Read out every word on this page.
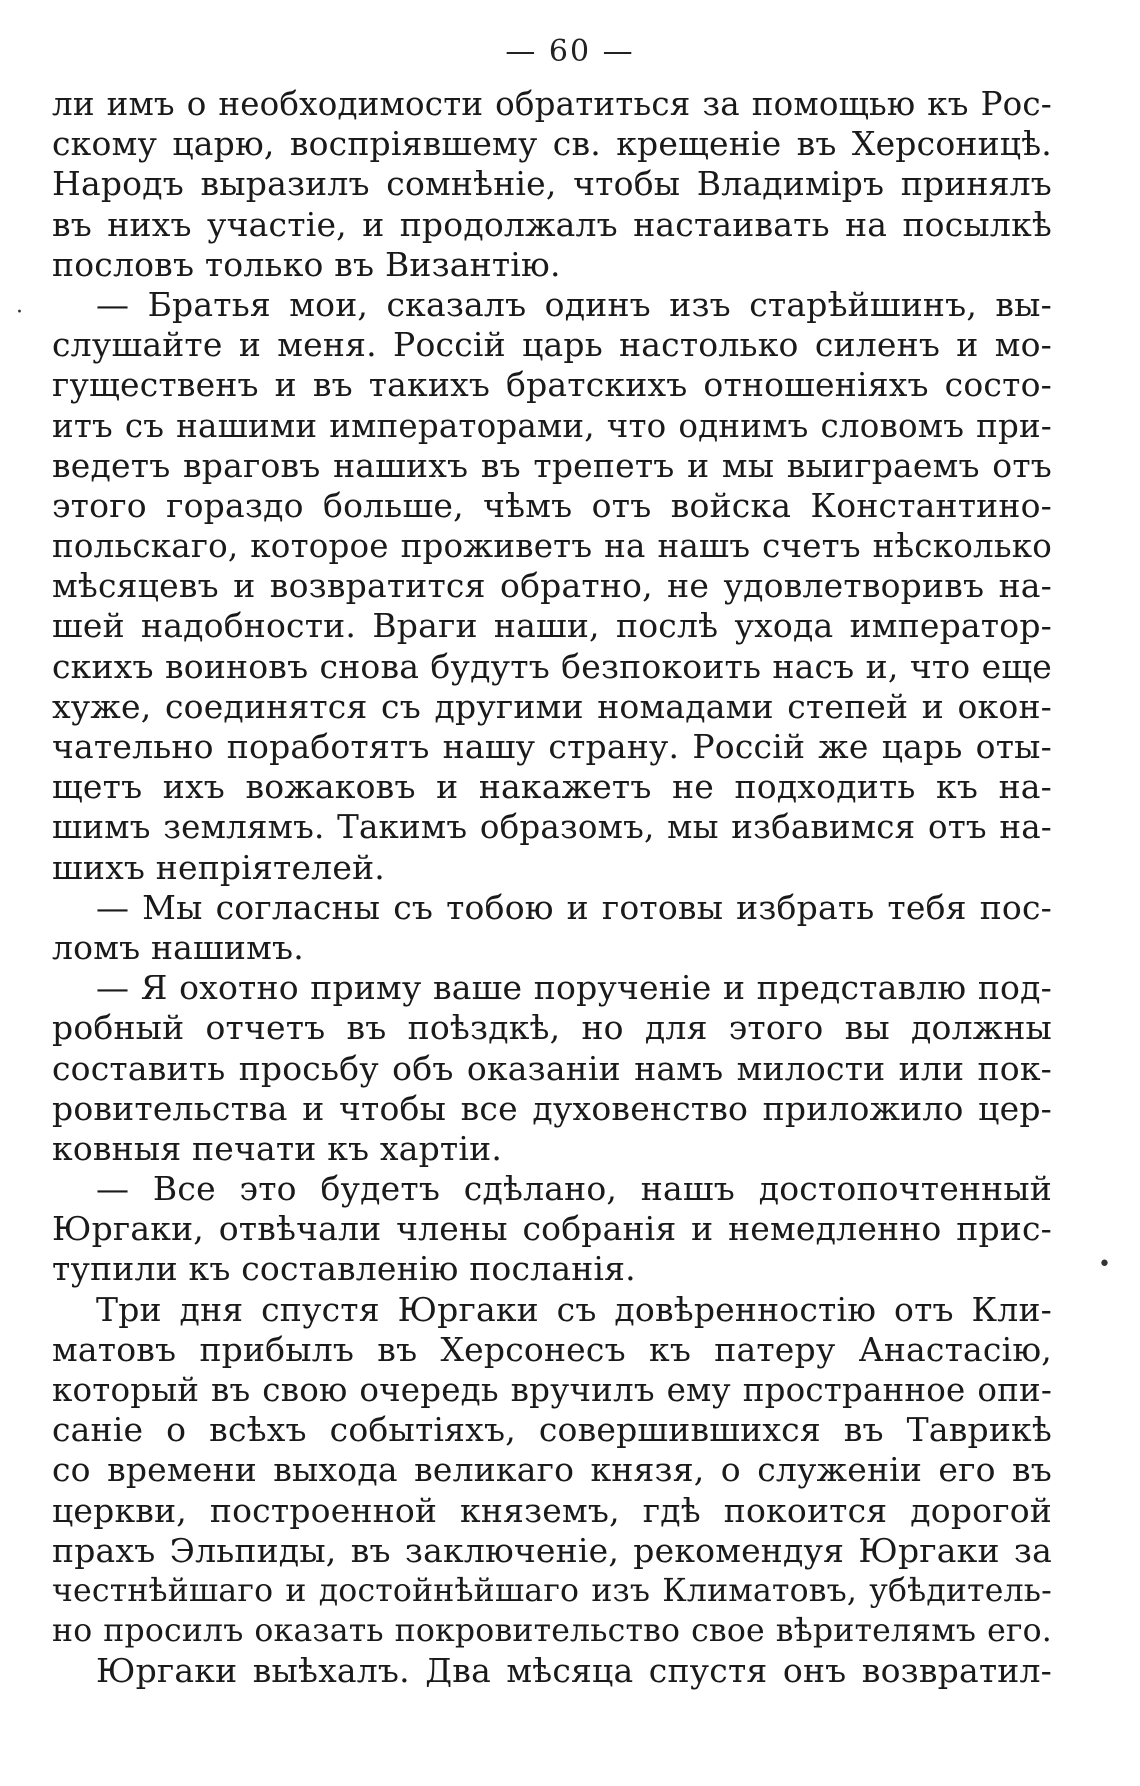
— 60 —
ли имъ о необходимости обратиться за помощью къ Рос-
скому царю, воспріявшему св. крещеніе въ Херсоницѣ.
Народъ выразилъ сомнѣніе, чтобы Владиміръ принялъ
въ нихъ участіе, и продолжалъ настаивать на посылкѣ
пословъ только въ Византію.
— Братья мои, сказалъ одинъ изъ старѣйшинъ, вы-
слушайте и меня. Россій царь настолько силенъ и мо-
гущественъ и въ такихъ братскихъ отношеніяхъ состо-
итъ съ нашими императорами, что однимъ словомъ при-
ведетъ враговъ нашихъ въ трепетъ и мы выиграемъ отъ
этого гораздо больше, чѣмъ отъ войска Константино-
польскаго, которое проживетъ на нашъ счетъ нѣсколько
мѣсяцевъ и возвратится обратно, не удовлетворивъ на-
шей надобности. Враги наши, послѣ ухода император-
скихъ воиновъ снова будутъ безпокоить насъ и, что еще
хуже, соединятся съ другими номадами степей и окон-
чательно поработятъ нашу страну. Россій же царь оты-
щетъ ихъ вожаковъ и накажетъ не подходить къ на-
шимъ землямъ. Такимъ образомъ, мы избавимся отъ на-
шихъ непріятелей.
— Мы согласны съ тобою и готовы избрать тебя пос-
ломъ нашимъ.
— Я охотно приму ваше порученіе и представлю под-
робный отчетъ въ поѣздкѣ, но для этого вы должны
составить просьбу объ оказаніи намъ милости или пок-
ровительства и чтобы все духовенство приложило цер-
ковныя печати къ хартіи.
— Все это будетъ сдѣлано, нашъ достопочтенный
Юргаки, отвѣчали члены собранія и немедленно прис-
тупили къ составленію посланія.
Три дня спустя Юргаки съ довѣренностію отъ Кли-
матовъ прибылъ въ Херсонесъ къ патеру Анастасію,
который въ свою очередь вручилъ ему пространное опи-
саніе о всѣхъ событіяхъ, совершившихся въ Таврикѣ
со времени выхода великаго князя, о служеніи его въ
церкви, построенной княземъ, гдѣ покоится дорогой
прахъ Эльпиды, въ заключеніе, рекомендуя Юргаки за
честнѣйшаго и достойнѣйшаго изъ Климатовъ, убѣдитель-
но просилъ оказать покровительство свое вѣрителямъ его.
Юргаки выѣхалъ. Два мѣсяца спустя онъ возвратил-
·
•
